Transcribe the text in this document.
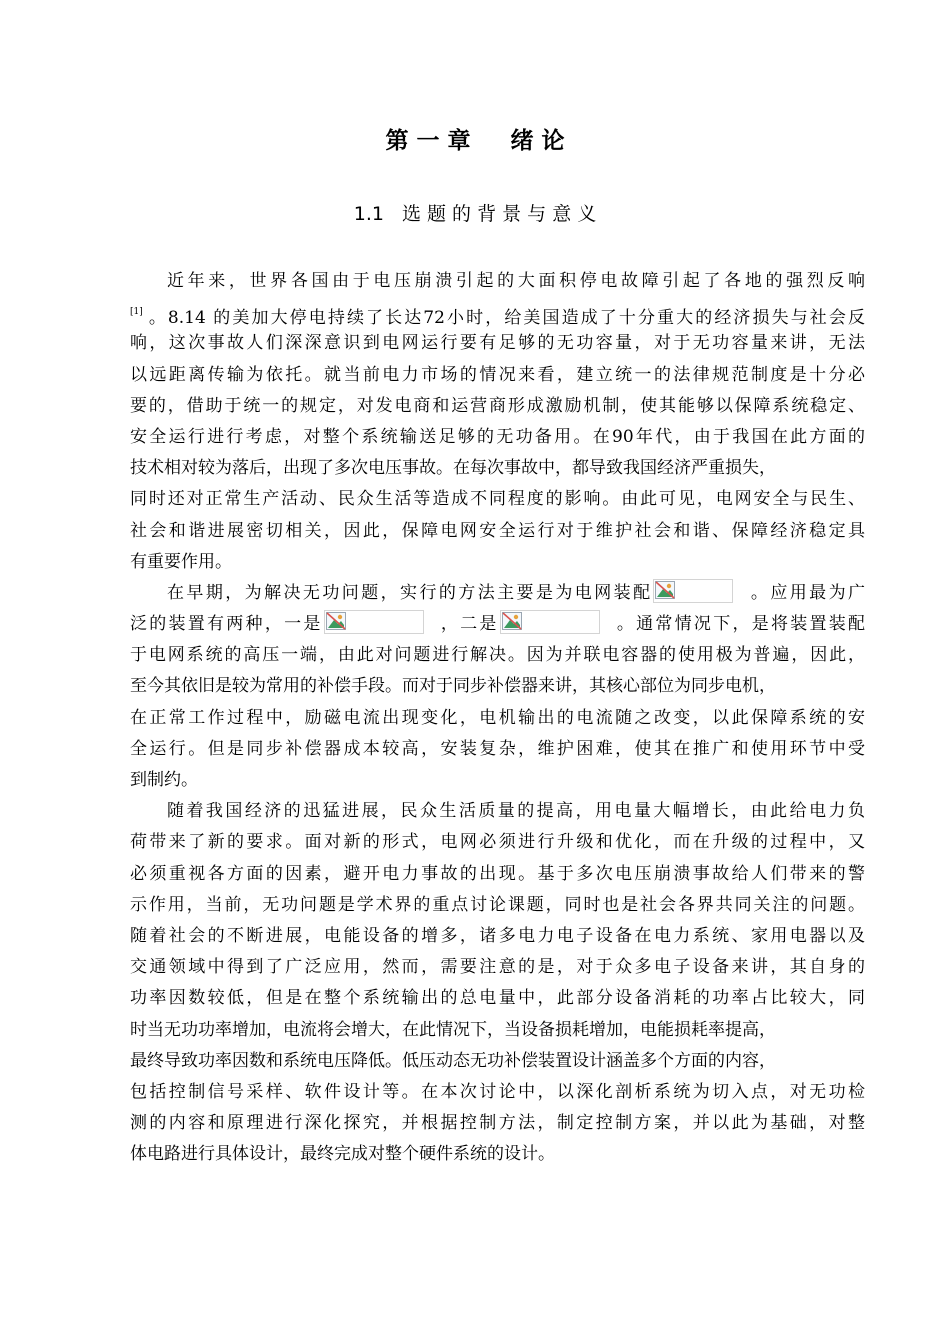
第 一 章 绪 论
1.1 选 题 的 背 景 与 意 义
近年来，世界各国由于电压崩溃引起的大面积停电故障引起了各地的强烈反响
[1] 。8.14 的美加大停电持续了长达72小时，给美国造成了十分重大的经济损失与社会反
响，这次事故人们深深意识到电网运行要有足够的无功容量，对于无功容量来讲，无法
以远距离传输为依托。就当前电力市场的情况来看，建立统一的法律规范制度是十分必
要的，借助于统一的规定，对发电商和运营商形成激励机制，使其能够以保障系统稳定、
安全运行进行考虑，对整个系统输送足够的无功备用。在90年代，由于我国在此方面的
技术相对较为落后，出现了多次电压事故。在每次事故中，都导致我国经济严重损失，
同时还对正常生产活动、民众生活等造成不同程度的影响。由此可见，电网安全与民生、
社会和谐进展密切相关，因此，保障电网安全运行对于维护社会和谐、保障经济稳定具
有重要作用。
在早期，为解决无功问题，实行的方法主要是为电网装配	。应用最为广
泛的装置有两种，一是	，二是	。通常情况下，是将装置装配
于电网系统的高压一端，由此对问题进行解决。因为并联电容器的使用极为普遍，因此，
至今其依旧是较为常用的补偿手段。而对于同步补偿器来讲，其核心部位为同步电机，
在正常工作过程中，励磁电流出现变化，电机输出的电流随之改变，以此保障系统的安
全运行。但是同步补偿器成本较高，安装复杂，维护困难，使其在推广和使用环节中受
到制约。
随着我国经济的迅猛进展，民众生活质量的提高，用电量大幅增长，由此给电力负
荷带来了新的要求。面对新的形式，电网必须进行升级和优化，而在升级的过程中，又
必须重视各方面的因素，避开电力事故的出现。基于多次电压崩溃事故给人们带来的警
示作用，当前，无功问题是学术界的重点讨论课题，同时也是社会各界共同关注的问题。
随着社会的不断进展，电能设备的增多，诸多电力电子设备在电力系统、家用电器以及
交通领域中得到了广泛应用，然而，需要注意的是，对于众多电子设备来讲，其自身的
功率因数较低，但是在整个系统输出的总电量中，此部分设备消耗的功率占比较大，同
时当无功功率增加，电流将会增大，在此情况下，当设备损耗增加，电能损耗率提高，
最终导致功率因数和系统电压降低。低压动态无功补偿装置设计涵盖多个方面的内容，
包括控制信号采样、软件设计等。在本次讨论中，以深化剖析系统为切入点，对无功检
测的内容和原理进行深化探究，并根据控制方法，制定控制方案，并以此为基础，对整
体电路进行具体设计，最终完成对整个硬件系统的设计。
